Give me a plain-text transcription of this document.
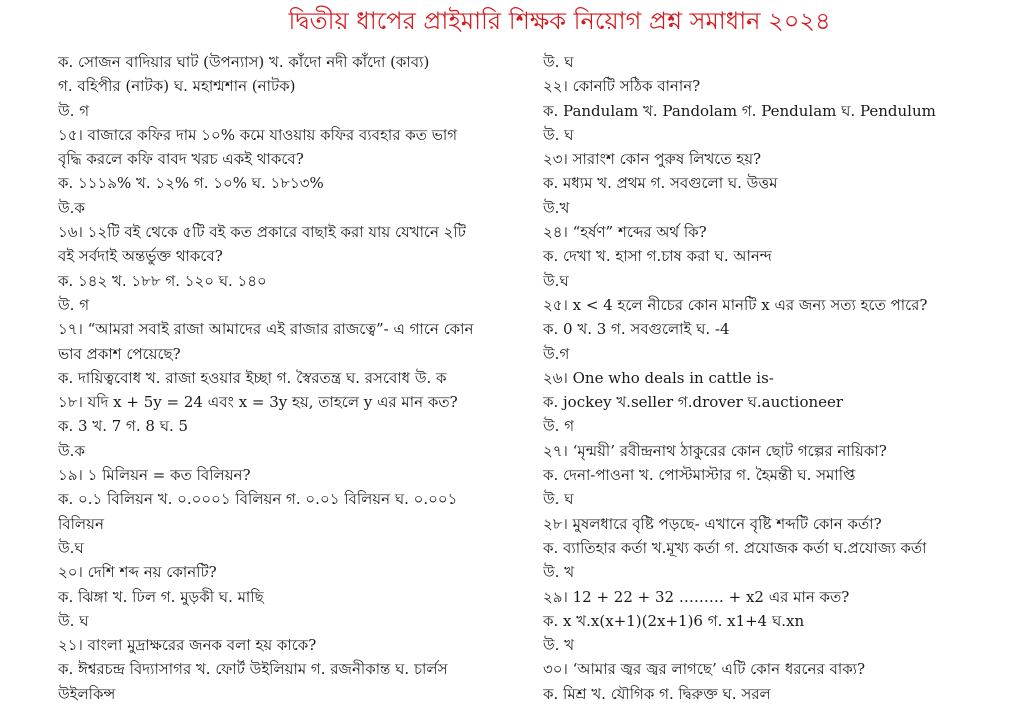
দ্বিতীয় ধাপের প্রাইমারি শিক্ষক নিয়োগ প্রশ্ন সমাধান ২০২৪
ক. সোজন বাদিয়ার ঘাট (উপন্যাস) খ. কাঁদো নদী কাঁদো (কাব্য)
গ. বহিপীর (নাটক) ঘ. মহাশ্মশান (নাটক)
উ. গ
১৫। বাজারে কফির দাম ১০% কমে যাওয়ায় কফির ব্যবহার কত ভাগ
বৃদ্ধি করলে কফি বাবদ খরচ একই থাকবে?
ক. ১১১৯% খ. ১২% গ. ১০% ঘ. ১৮১৩%
উ.ক
১৬। ১২টি বই থেকে ৫টি বই কত প্রকারে বাছাই করা যায় যেখানে ২টি
বই সর্বদাই অন্তর্ভুক্ত থাকবে?
ক. ১৪২ খ. ১৮৮ গ. ১২০ ঘ. ১৪০
উ. গ
১৭। “আমরা সবাই রাজা আমাদের এই রাজার রাজত্বে”- এ গানে কোন
ভাব প্রকাশ পেয়েছে?
ক. দায়িত্ববোধ খ. রাজা হওয়ার ইচ্ছা গ. স্বৈরতন্ত্র ঘ. রসবোধ উ. ক
১৮। যদি x + 5y = 24 এবং x = 3y হয়, তাহলে y এর মান কত?
ক. 3 খ. 7 গ. 8 ঘ. 5
উ.ক
১৯। ১ মিলিয়ন = কত বিলিয়ন?
ক. ০.১ বিলিয়ন খ. ০.০০০১ বিলিয়ন গ. ০.০১ বিলিয়ন ঘ. ০.০০১
বিলিয়ন
উ.ঘ
২০। দেশি শব্দ নয় কোনটি?
ক. ঝিঙ্গা খ. ঢিল গ. মুড়কী ঘ. মাছি
উ. ঘ
২১। বাংলা মুদ্রাক্ষরের জনক বলা হয় কাকে?
ক. ঈশ্বরচন্দ্র বিদ্যাসাগর খ. ফোর্ট উইলিয়াম গ. রজনীকান্ত ঘ. চার্লস
উইলকিন্স
উ. ঘ
২২। কোনটি সঠিক বানান?
ক. Pandulam খ. Pandolam গ. Pendulam ঘ. Pendulum
উ. ঘ
২৩। সারাংশ কোন পুরুষ লিখতে হয়?
ক. মধ্যম খ. প্রথম গ. সবগুলো ঘ. উত্তম
উ.খ
২৪। “হর্ষণ” শব্দের অর্থ কি?
ক. দেখা খ. হাসা গ.চাষ করা ঘ. আনন্দ
উ.ঘ
২৫। x < 4 হলে নীচের কোন মানটি x এর জন্য সত্য হতে পারে?
ক. 0 খ. 3 গ. সবগুলোই ঘ. -4
উ.গ
২৬। One who deals in cattle is-
ক. jockey খ.seller গ.drover ঘ.auctioneer
উ. গ
২৭। ‘মৃন্ময়ী’ রবীন্দ্রনাথ ঠাকুরের কোন ছোট গল্পের নায়িকা?
ক. দেনা-পাওনা খ. পোস্টমাস্টার গ. হৈমন্তী ঘ. সমাপ্তি
উ. ঘ
২৮। মুষলধারে বৃষ্টি পড়ছে- এখানে বৃষ্টি শব্দটি কোন কর্তা?
ক. ব্যাতিহার কর্তা খ.মূখ্য কর্তা গ. প্রযোজক কর্তা ঘ.প্রযোজ্য কর্তা
উ. খ
২৯। 12 + 22 + 32 ……… + x2 এর মান কত?
ক. x খ.x(x+1)(2x+1)6 গ. x1+4 ঘ.xn
উ. খ
৩০। ‘আমার জ্বর জ্বর লাগছে’ এটি কোন ধরনের বাক্য?
ক. মিশ্র খ. যৌগিক গ. দ্বিরুক্ত ঘ. সরল
